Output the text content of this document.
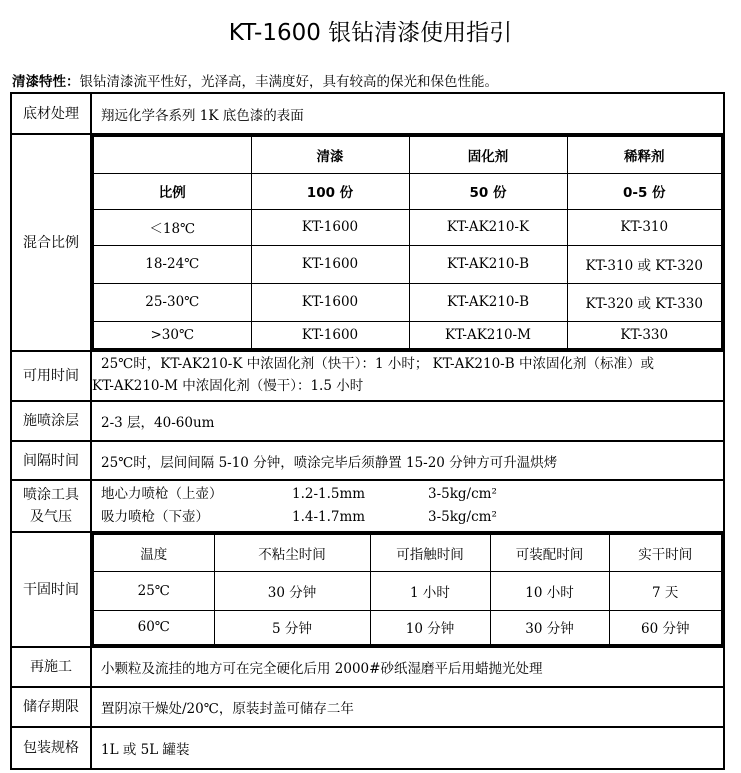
KT-1600 银钻清漆使用指引
清漆特性：银钻清漆流平性好，光泽高，丰满度好，具有较高的保光和保色性能。
底材处理	翔远化学各系列 1K 底色漆的表面
混合比例
	清漆	固化剂	稀释剂
比例	100 份	50 份	0-5 份
＜18℃	KT-1600	KT-AK210-K	KT-310
18-24℃	KT-1600	KT-AK210-B	KT-310 或 KT-320
25-30℃	KT-1600	KT-AK210-B	KT-320 或 KT-330
>30℃	KT-1600	KT-AK210-M	KT-330
可用时间
25℃时，KT-AK210-K 中浓固化剂（快干）：1 小时； KT-AK210-B 中浓固化剂（标准）或
KT-AK210-M 中浓固化剂（慢干）：1.5 小时
施喷涂层	2-3 层，40-60um
间隔时间	25℃时，层间间隔 5-10 分钟，喷涂完毕后须静置 15-20 分钟方可升温烘烤
喷涂工具
及气压
地心力喷枪（上壶）	1.2-1.5mm	3-5kg/cm²
吸力喷枪（下壶）	1.4-1.7mm	3-5kg/cm²
干固时间
温度	不粘尘时间	可指触时间	可装配时间	实干时间
25℃	30 分钟	1 小时	10 小时	7 天
60℃	5 分钟	10 分钟	30 分钟	60 分钟
再施工	小颗粒及流挂的地方可在完全硬化后用 2000#砂纸湿磨平后用蜡抛光处理
储存期限	置阴凉干燥处/20℃，原装封盖可储存二年
包装规格	1L 或 5L 罐装
